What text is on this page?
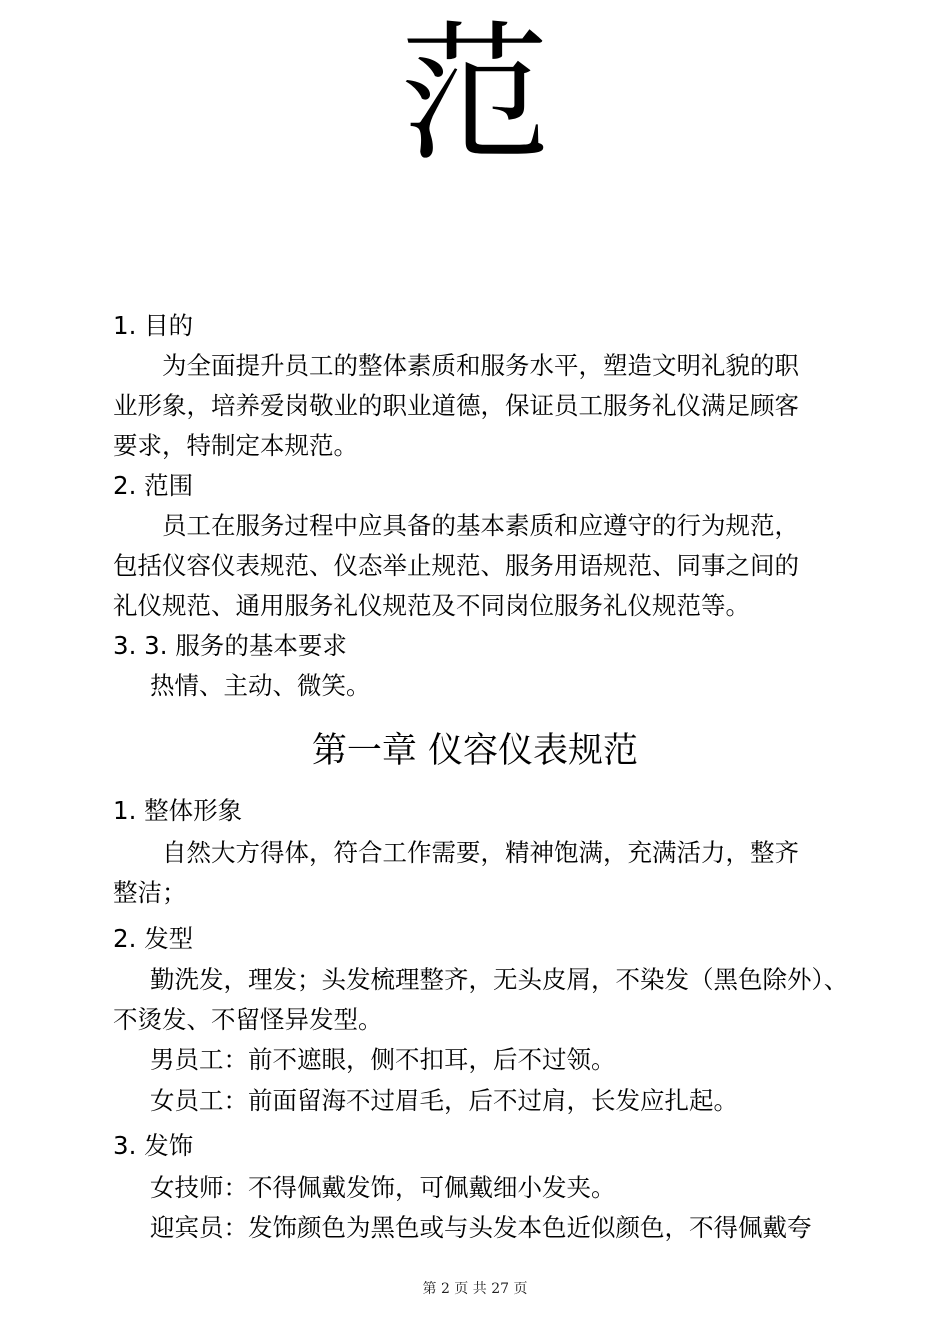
范
1. 目的
为全面提升员工的整体素质和服务水平，塑造文明礼貌的职
业形象，培养爱岗敬业的职业道德，保证员工服务礼仪满足顾客
要求，特制定本规范。
2. 范围
员工在服务过程中应具备的基本素质和应遵守的行为规范，
包括仪容仪表规范、仪态举止规范、服务用语规范、同事之间的
礼仪规范、通用服务礼仪规范及不同岗位服务礼仪规范等。
3. 3. 服务的基本要求
热情、主动、微笑。
第一章 仪容仪表规范
1. 整体形象
自然大方得体，符合工作需要，精神饱满，充满活力，整齐
整洁；
2. 发型
勤洗发，理发；头发梳理整齐，无头皮屑，不染发（黑色除外）、
不烫发、不留怪异发型。
男员工：前不遮眼，侧不扣耳，后不过领。
女员工：前面留海不过眉毛，后不过肩，长发应扎起。
3. 发饰
女技师：不得佩戴发饰，可佩戴细小发夹。
迎宾员：发饰颜色为黑色或与头发本色近似颜色，不得佩戴夸
第 2 页 共 27 页
